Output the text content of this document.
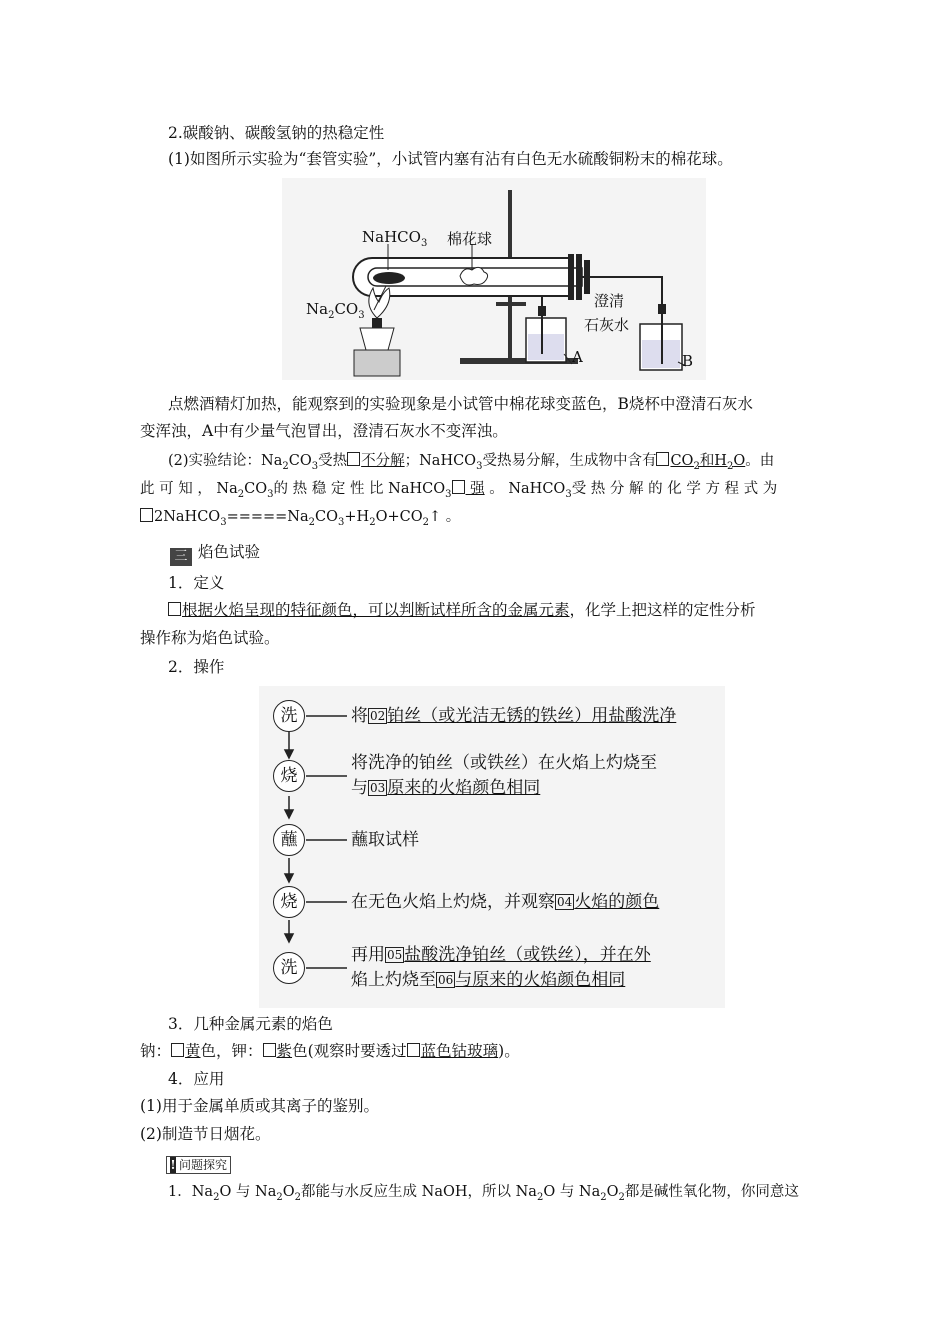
2.碳酸钠、碳酸氢钠的热稳定性
(1)如图所示实验为“套管实验”，小试管内塞有沾有白色无水硫酸铜粉末的棉花球。
NaHCO$_3$ 棉花球
$Na_2CO_3$
澄清
石灰水
A	B
点燃酒精灯加热，能观察到的实验现象是小试管中棉花球变蓝色，B烧杯中澄清石灰水
变浑浊，A中有少量气泡冒出，澄清石灰水不变浑浊。
(2)实验结论：$Na_2CO_3$受热 不分解；NaHCO$_3$受热易分解，生成物中含有 $CO_2$和$H_2O$。由
此 可 知 ， $Na_2CO_3$的 热 稳 定 性 比 NaHCO$_3$ 强 。 NaHCO$_3$受 热 分 解 的 化 学 方 程 式 为
$2NaHCO_3=====Na_2CO_3+H_2O+CO_2↑$ 。
三 焰色试验
1．定义
根据火焰呈现的特征颜色，可以判断试样所含的金属元素，化学上把这样的定性分析
操作称为焰色试验。
2．操作
洗
烧
蘸
烧
洗
将 02 铂丝（或光洁无锈的铁丝）用盐酸洗净
将洗净的铂丝（或铁丝）在火焰上灼烧至
与 03 原来的火焰颜色相同
蘸取试样
在无色火焰上灼烧，并观察 04 火焰的颜色
再用 05 盐酸洗净铂丝（或铁丝），并在外
焰上灼烧至 06 与原来的火焰颜色相同
3．几种金属元素的焰色
钠： 黄色，钾： 紫色(观察时要透过 蓝色钴玻璃)。
4．应用
(1)用于金属单质或其离子的鉴别。
(2)制造节日烟花。
! 问题探究
1．$Na_2O$ 与 $Na_2O_2$都能与水反应生成 NaOH，所以 $Na_2O$ 与 $Na_2O_2$都是碱性氧化物，你同意这
